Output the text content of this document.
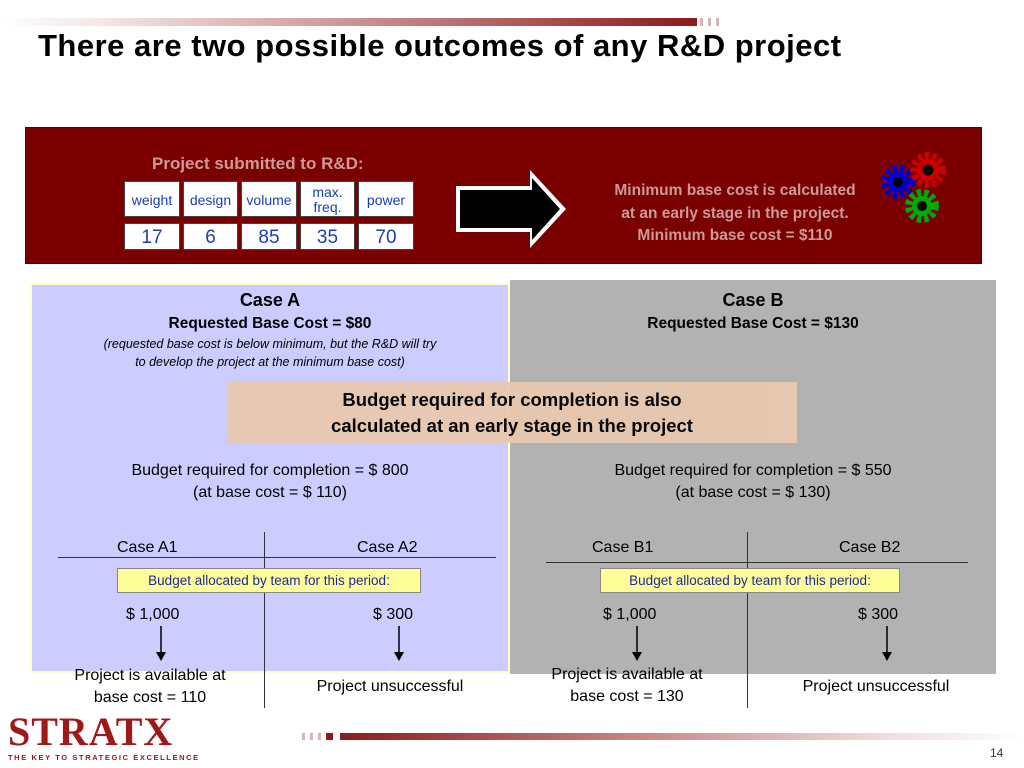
There are two possible outcomes of any R&D project
Project submitted to R&D:
weight	design	volume	max. freq.	power
17	6	85	35	70
Minimum base cost is calculated
at an early stage in the project.
Minimum base cost = $110
Case A
Requested Base Cost = $80
(requested base cost is below minimum, but the R&D will try
to develop the project at the minimum base cost)
Case B
Requested Base Cost = $130
Budget required for completion is also
calculated at an early stage in the project
Budget required for completion = $ 800
(at base cost = $ 110)
Budget required for completion = $ 550
(at base cost = $ 130)
Case A1	Case A2
Budget allocated by team for this period:
$ 1,000	$ 300
Case B1	Case B2
Budget allocated by team for this period:
$ 1,000	$ 300
Project is available at
base cost = 110
Project unsuccessful
Project is available at
base cost = 130
Project unsuccessful
STRATX
THE KEY TO STRATEGIC EXCELLENCE	14
